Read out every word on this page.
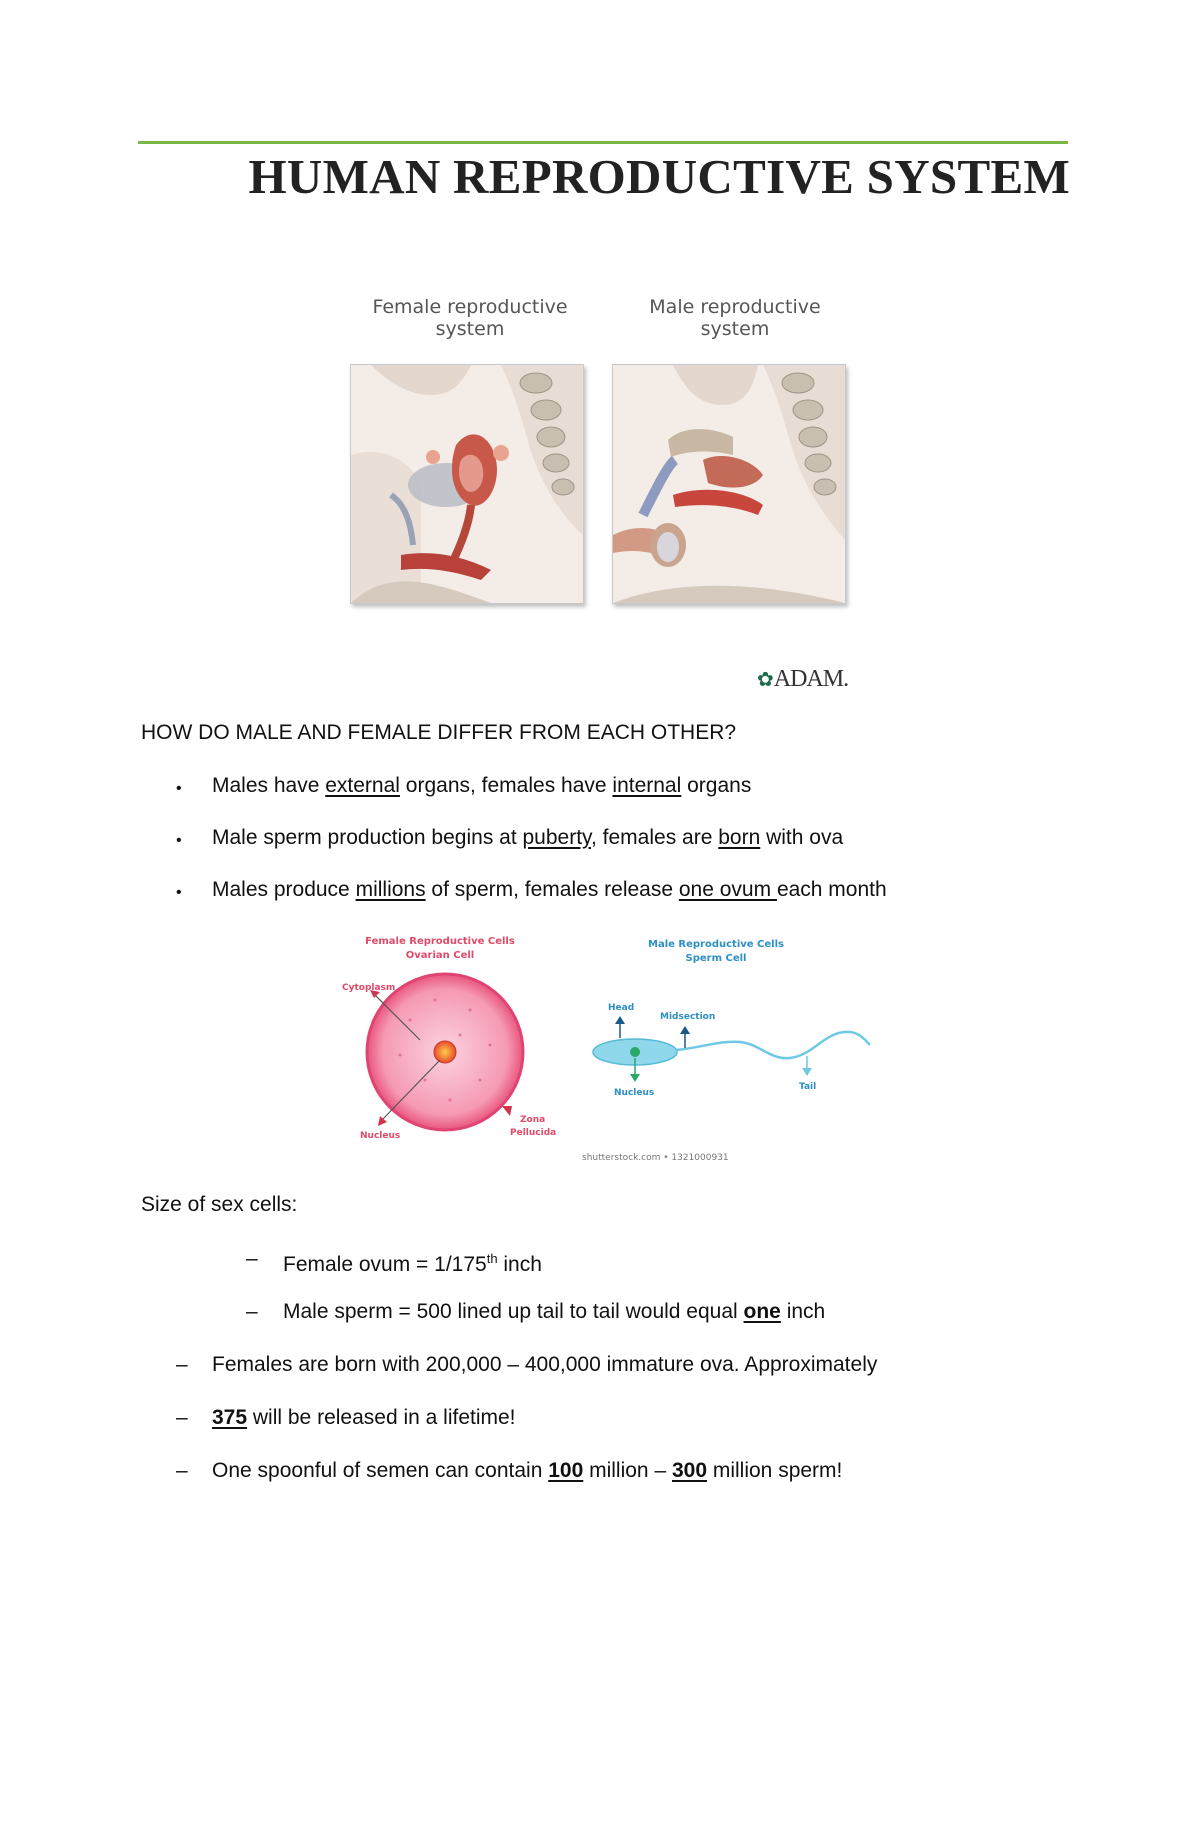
HUMAN REPRODUCTIVE SYSTEM
Female reproductive system
Male reproductive system
✿ADAM.
HOW DO MALE AND FEMALE DIFFER FROM EACH OTHER?
• Males have external organs, females have internal organs
• Male sperm production begins at puberty, females are born with ova
• Males produce millions of sperm, females release one ovum each month
Female Reproductive Cells
Ovarian Cell
Cytoplasm
Nucleus
Zona
Pellucida
Male Reproductive Cells
Sperm Cell
Head
Midsection
Nucleus
Tail
shutterstock.com • 1321000931
Size of sex cells:
– Female ovum = 1/175th inch
– Male sperm = 500 lined up tail to tail would equal one inch
– Females are born with 200,000 – 400,000 immature ova. Approximately
– 375 will be released in a lifetime!
– One spoonful of semen can contain 100 million – 300 million sperm!
